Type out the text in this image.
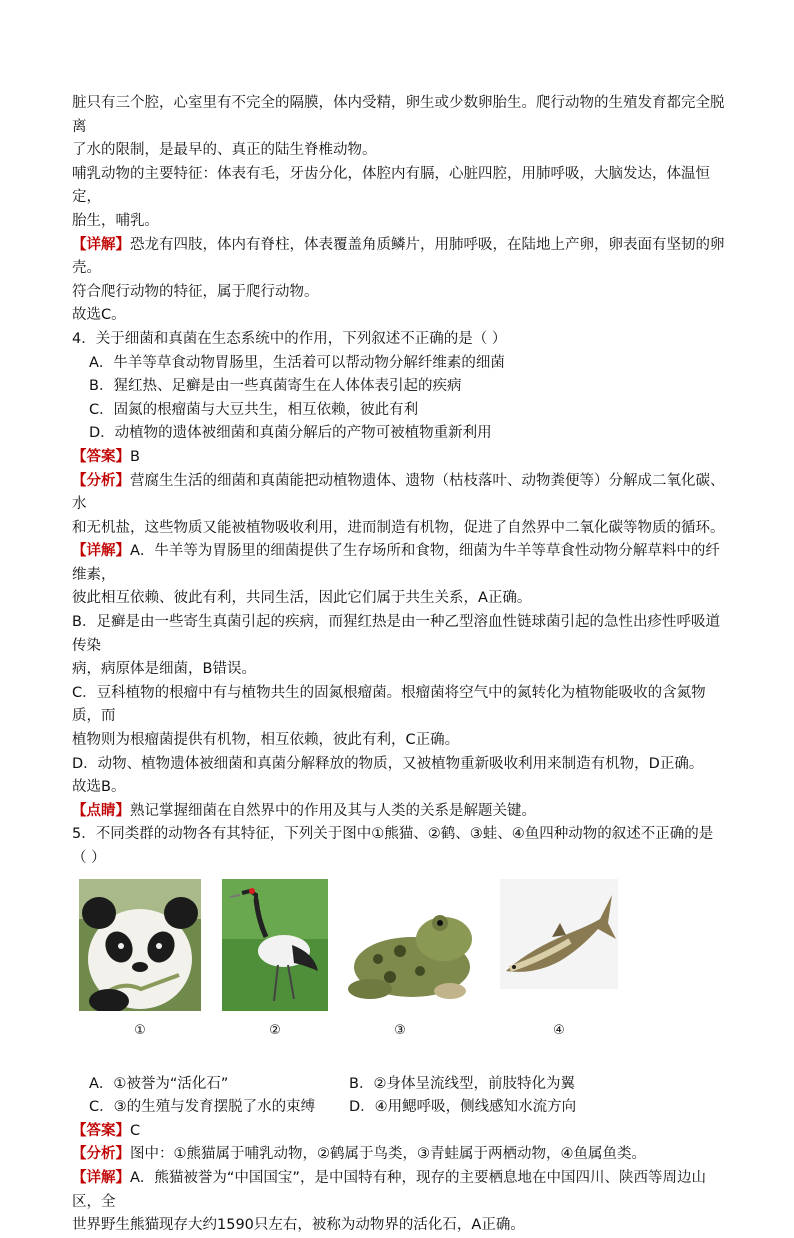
脏只有三个腔，心室里有不完全的隔膜，体内受精，卵生或少数卵胎生。爬行动物的生殖发育都完全脱离

了水的限制，是最早的、真正的陆生脊椎动物。

哺乳动物的主要特征：体表有毛，牙齿分化，体腔内有膈，心脏四腔，用肺呼吸，大脑发达，体温恒定，

胎生，哺乳。

【详解】恐龙有四肢，体内有脊柱，体表覆盖角质鳞片，用肺呼吸，在陆地上产卵，卵表面有坚韧的卵壳。

符合爬行动物的特征，属于爬行动物。

故选C。

4．关于细菌和真菌在生态系统中的作用，下列叙述不正确的是（ ）

A．牛羊等草食动物胃肠里，生活着可以帮动物分解纤维素的细菌

B．猩红热、足癣是由一些真菌寄生在人体体表引起的疾病

C．固氮的根瘤菌与大豆共生，相互依赖，彼此有利

D．动植物的遗体被细菌和真菌分解后的产物可被植物重新利用

【答案】B

【分析】营腐生生活的细菌和真菌能把动植物遗体、遗物（枯枝落叶、动物粪便等）分解成二氧化碳、水

和无机盐，这些物质又能被植物吸收利用，进而制造有机物，促进了自然界中二氧化碳等物质的循环。

【详解】A．牛羊等为胃肠里的细菌提供了生存场所和食物，细菌为牛羊等草食性动物分解草料中的纤维素，

彼此相互依赖、彼此有利，共同生活，因此它们属于共生关系，A正确。

B．足癣是由一些寄生真菌引起的疾病，而猩红热是由一种乙型溶血性链球菌引起的急性出疹性呼吸道传染

病，病原体是细菌，B错误。

C．豆科植物的根瘤中有与植物共生的固氮根瘤菌。根瘤菌将空气中的氮转化为植物能吸收的含氮物质，而

植物则为根瘤菌提供有机物，相互依赖，彼此有利，C正确。

D．动物、植物遗体被细菌和真菌分解释放的物质，又被植物重新吸收利用来制造有机物，D正确。

故选B。

【点睛】熟记掌握细菌在自然界中的作用及其与人类的关系是解题关键。

5．不同类群的动物各有其特征，下列关于图中①熊猫、②鹤、③蛙、④鱼四种动物的叙述不正确的是

（ ）

①	②	③	④
A．①被誉为“活化石”	B．②身体呈流线型，前肢特化为翼
C．③的生殖与发育摆脱了水的束缚	D．④用鳃呼吸，侧线感知水流方向

【答案】C

【分析】图中：①熊猫属于哺乳动物，②鹤属于鸟类，③青蛙属于两栖动物，④鱼属鱼类。

【详解】A．熊猫被誉为“中国国宝”，是中国特有种，现存的主要栖息地在中国四川、陕西等周边山区，全

世界野生熊猫现存大约1590只左右，被称为动物界的活化石，A正确。
